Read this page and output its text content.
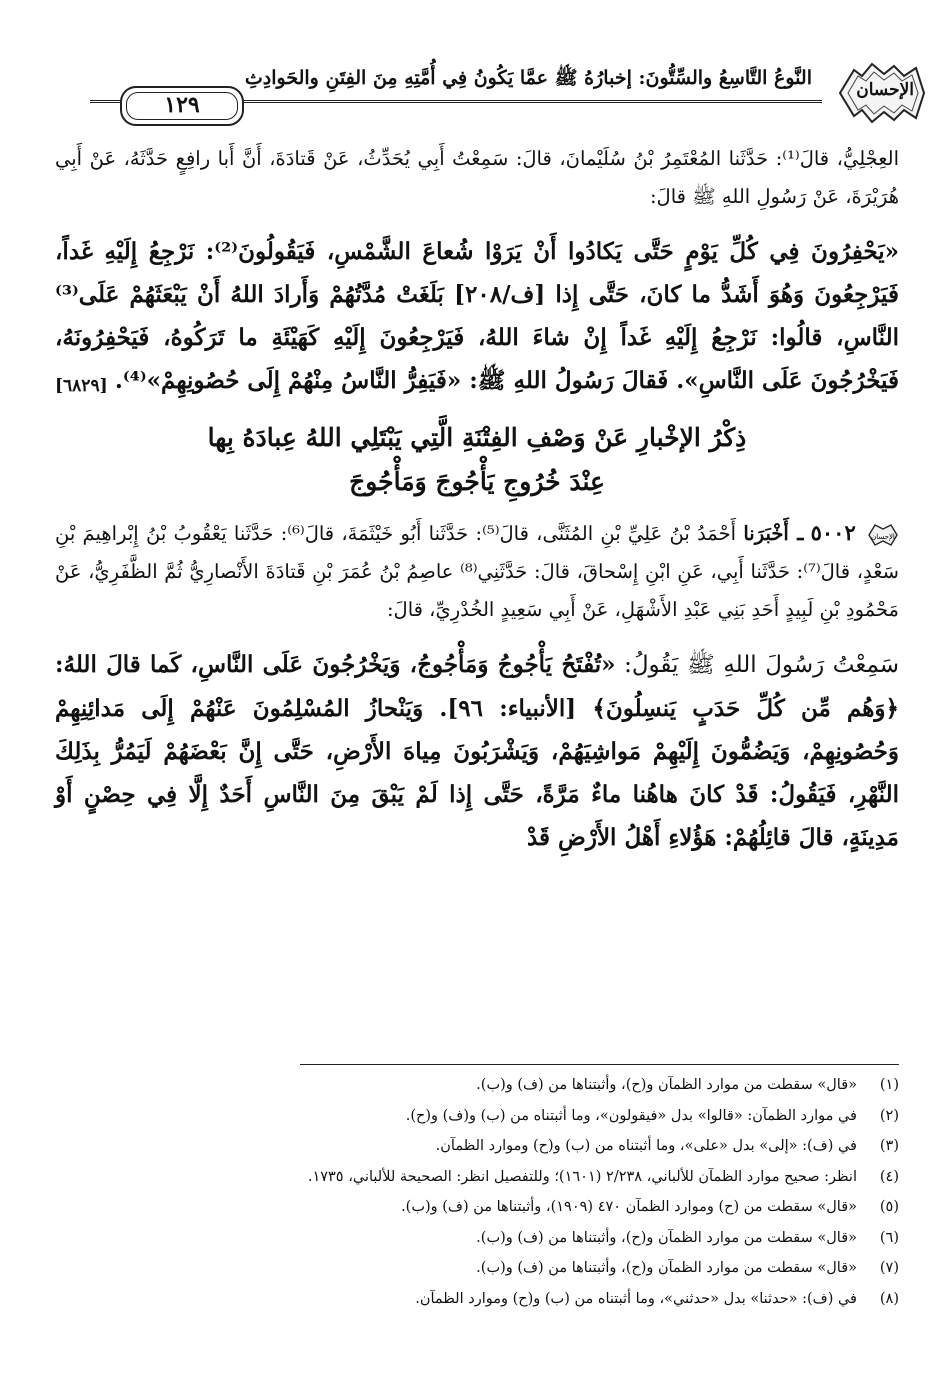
الإحسان
النَّوعُ التَّاسِعُ والسِّتُّونَ: إخبارُهُ ﷺ عمَّا يَكُونُ فِي أُمَّتِهِ مِنَ الفِتَنِ والحَوادِثِ
١٢٩

العِجْلِيُّ، قالَ⁽¹⁾: حَدَّثَنا المُعْتَمِرُ بْنُ سُلَيْمانَ، قالَ: سَمِعْتُ أَبِي يُحَدِّثُ، عَنْ قَتادَةَ، أَنَّ أَبا رافِعٍ حَدَّثَهُ، عَنْ أَبِي هُرَيْرَةَ، عَنْ رَسُولِ اللهِ ﷺ قالَ:

«يَحْفِرُونَ فِي كُلِّ يَوْمٍ حَتَّى يَكادُوا أَنْ يَرَوْا شُعاعَ الشَّمْسِ، فَيَقُولُونَ⁽²⁾: نَرْجِعُ إِلَيْهِ غَداً، فَيَرْجِعُونَ وَهُوَ أَشَدُّ ما كانَ، حَتَّى إِذا [ف/٢٠٨] بَلَغَتْ مُدَّتُهُمْ وَأَرادَ اللهُ أَنْ يَبْعَثَهُمْ عَلَى⁽³⁾ النَّاسِ، قالُوا: نَرْجِعُ إِلَيْهِ غَداً إِنْ شاءَ اللهُ، فَيَرْجِعُونَ إِلَيْهِ كَهَيْئَةِ ما تَرَكُوهُ، فَيَحْفِرُونَهُ، فَيَخْرُجُونَ عَلَى النَّاسِ». فَقالَ رَسُولُ اللهِ ﷺ: «فَيَفِرُّ النَّاسُ مِنْهُمْ إِلَى حُصُونِهِمْ»⁽⁴⁾.
[٦٨٢٩]

ذِكْرُ الإخْبارِ عَنْ وَصْفِ الفِتْنَةِ الَّتِي يَبْتَلِي اللهُ عِبادَهُ بِها
عِنْدَ خُرُوجِ يَأْجُوجَ وَمَأْجُوجَ

الإحسان
٥٠٠٢ ـ أَخْبَرَنا أَحْمَدُ بْنُ عَلِيِّ بْنِ المُثَنَّى، قالَ⁽⁵⁾: حَدَّثَنا أَبُو خَيْثَمَةَ، قالَ⁽⁶⁾: حَدَّثَنا يَعْقُوبُ بْنُ إِبْراهِيمَ بْنِ سَعْدٍ، قالَ⁽⁷⁾: حَدَّثَنا أَبِي، عَنِ ابْنِ إِسْحاقَ، قالَ: حَدَّثَنِي⁽⁸⁾ عاصِمُ بْنُ عُمَرَ بْنِ قَتادَةَ الأَنْصارِيُّ ثُمَّ الظَّفَرِيُّ، عَنْ مَحْمُودِ بْنِ لَبِيدٍ أَحَدِ بَنِي عَبْدِ الأَشْهَلِ، عَنْ أَبِي سَعِيدٍ الخُدْرِيِّ، قالَ:

سَمِعْتُ رَسُولَ اللهِ ﷺ يَقُولُ: «تُفْتَحُ يَأْجُوجُ وَمَأْجُوجُ، وَيَخْرُجُونَ عَلَى النَّاسِ، كَما قالَ اللهُ: ﴿وَهُم مِّن كُلِّ حَدَبٍ يَنسِلُونَ﴾ [الأنبياء: ٩٦]. وَيَنْحازُ المُسْلِمُونَ عَنْهُمْ إِلَى مَدائِنِهِمْ وَحُصُونِهِمْ، وَيَضُمُّونَ إِلَيْهِمْ مَواشِيَهُمْ، وَيَشْرَبُونَ مِياهَ الأَرْضِ، حَتَّى إِنَّ بَعْضَهُمْ لَيَمُرُّ بِذَلِكَ النَّهْرِ، فَيَقُولُ: قَدْ كانَ هاهُنا ماءٌ مَرَّةً، حَتَّى إِذا لَمْ يَبْقَ مِنَ النَّاسِ أَحَدٌ إِلَّا فِي حِصْنٍ أَوْ مَدِينَةٍ، قالَ قائِلُهُمْ: هَؤُلاءِ أَهْلُ الأَرْضِ قَدْ

(١)
«قال» سقطت من موارد الظمآن و(ح)، وأثبتناها من (ف) و(ب).
(٢)
في موارد الظمآن: «قالوا» بدل «فيقولون»، وما أثبتناه من (ب) و(ف) و(ح).
(٣)
في (ف): «إلى» بدل «على»، وما أثبتناه من (ب) و(ح) وموارد الظمآن.
(٤)
انظر: صحيح موارد الظمآن للألباني، ٢/٢٣٨ (١٦٠١)؛ وللتفصيل انظر: الصحيحة للألباني، ١٧٣٥.
(٥)
«قال» سقطت من (ح) وموارد الظمآن ٤٧٠ (١٩٠٩)، وأثبتناها من (ف) و(ب).
(٦)
«قال» سقطت من موارد الظمآن و(ح)، وأثبتناها من (ف) و(ب).
(٧)
«قال» سقطت من موارد الظمآن و(ح)، وأثبتناها من (ف) و(ب).
(٨)
في (ف): «حدثنا» بدل «حدثني»، وما أثبتناه من (ب) و(ح) وموارد الظمآن.
